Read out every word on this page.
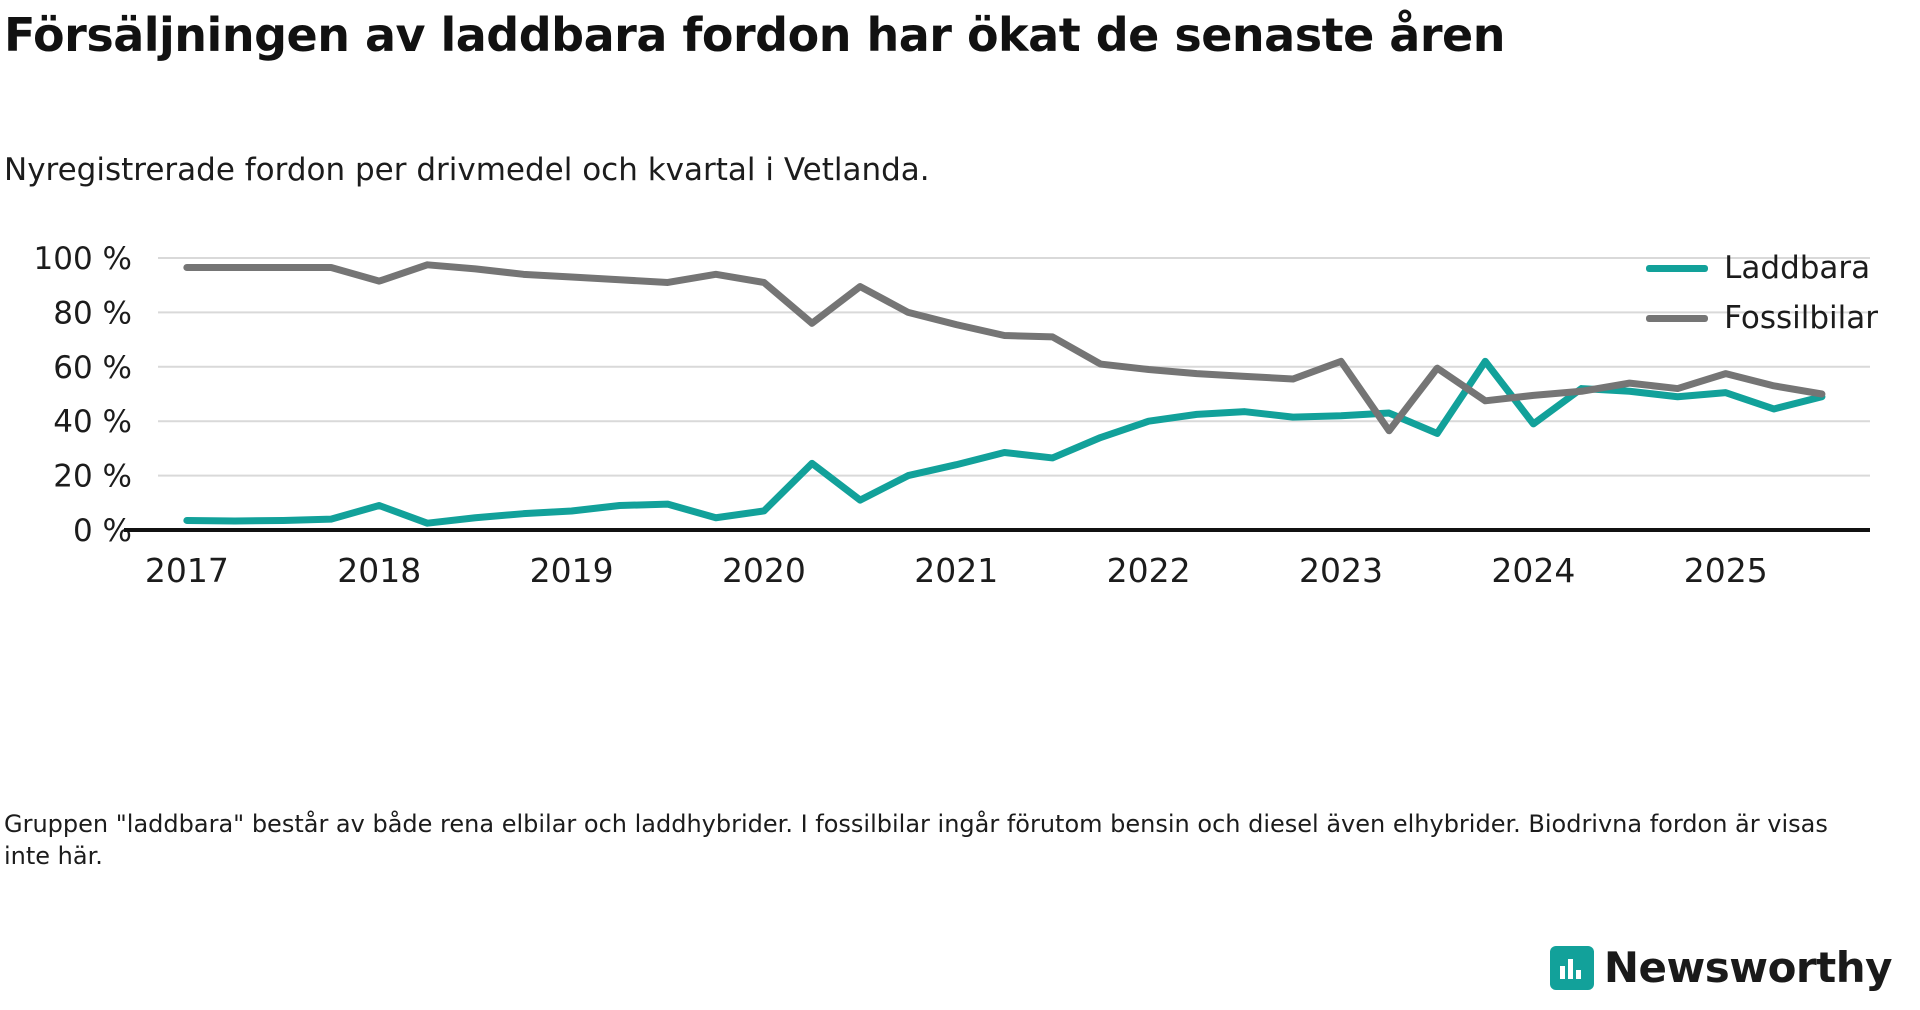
Försäljningen av laddbara fordon har ökat de senaste åren
Nyregistrerade fordon per drivmedel och kvartal i Vetlanda.
0 %
20 %
40 %
60 %
80 %
100 %
2017	2018	2019	2020	2021	2022	2023	2024	2025
Laddbara
Fossilbilar
Gruppen "laddbara" består av både rena elbilar och laddhybrider. I fossilbilar ingår förutom bensin och diesel även elhybrider. Biodrivna fordon är visas inte här.
Newsworthy
